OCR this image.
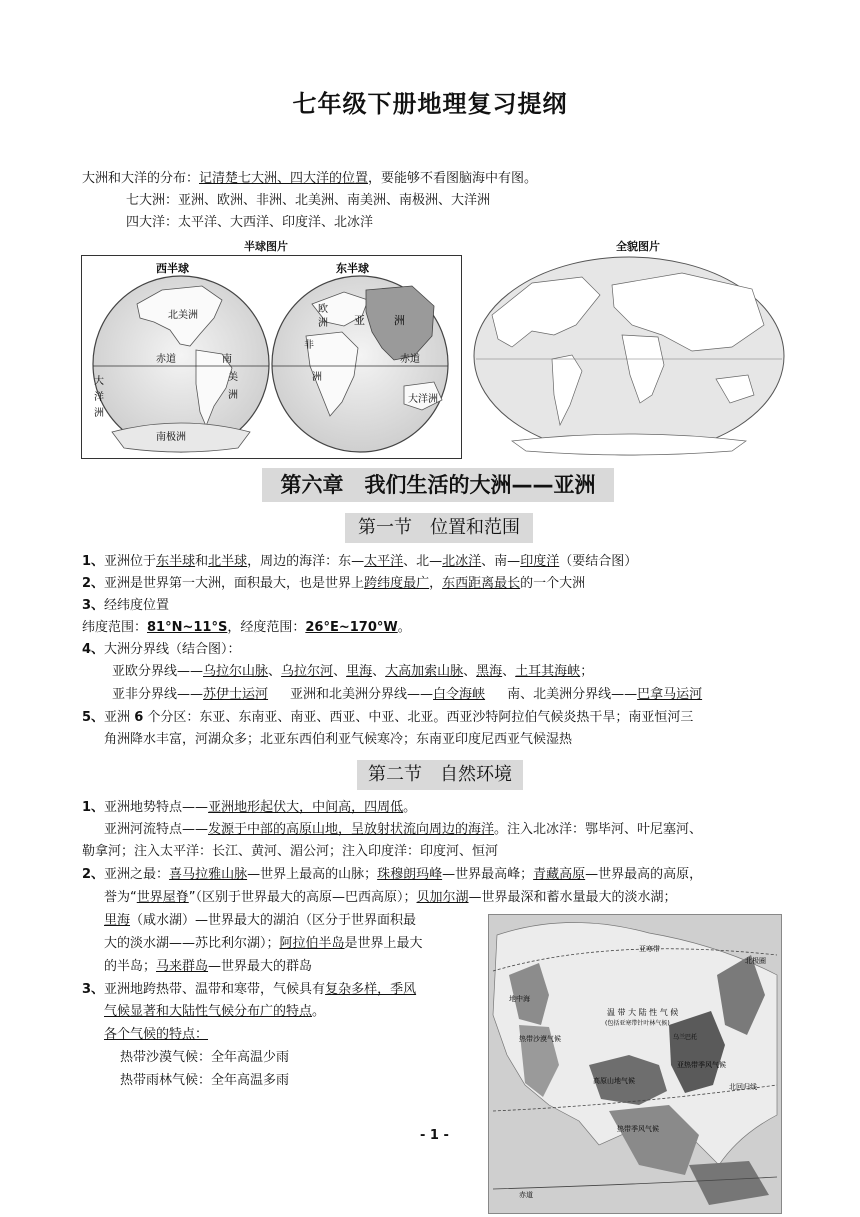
七年级下册地理复习提纲
大洲和大洋的分布：记清楚七大洲、四大洋的位置，要能够不看图脑海中有图。
七大洲：亚洲、欧洲、非洲、北美洲、南美洲、南极洲、大洋洲
四大洋：太平洋、大西洋、印度洋、北冰洋
半球图片	全貌图片
西半球	东半球
北美洲
赤道	南
美
洲
大
洋
洲
南极洲
欧
洲 亚	洲
非
洲
赤道
大洋洲
第六章　我们生活的大洲——亚洲
第一节　位置和范围
1、亚洲位于东半球和北半球，周边的海洋：东—太平洋、北—北冰洋、南—印度洋（要结合图）
2、亚洲是世界第一大洲，面积最大，也是世界上跨纬度最广，东西距离最长的一个大洲
3、经纬度位置
纬度范围：81°N~11°S，经度范围：26°E~170°W。
4、大洲分界线（结合图）：
亚欧分界线——乌拉尔山脉、乌拉尔河、里海、大高加索山脉、黑海、土耳其海峡；
亚非分界线——苏伊士运河 亚洲和北美洲分界线——白令海峡 南、北美洲分界线——巴拿马运河
5、亚洲 6 个分区：东亚、东南亚、南亚、西亚、中亚、北亚。西亚沙特阿拉伯气候炎热干旱；南亚恒河三
角洲降水丰富，河湖众多；北亚东西伯利亚气候寒冷；东南亚印度尼西亚气候湿热
第二节　自然环境
1、亚洲地势特点——亚洲地形起伏大，中间高，四周低。
亚洲河流特点——发源于中部的高原山地，呈放射状流向周边的海洋。注入北冰洋：鄂毕河、叶尼塞河、
勒拿河；注入太平洋：长江、黄河、湄公河；注入印度洋：印度河、恒河
2、亚洲之最：喜马拉雅山脉—世界上最高的山脉；珠穆朗玛峰—世界最高峰；青藏高原—世界最高的高原，
誉为“世界屋脊”（区别于世界最大的高原—巴西高原）；贝加尔湖—世界最深和蓄水量最大的淡水湖；
里海（咸水湖）—世界最大的湖泊（区分于世界面积最
大的淡水湖——苏比利尔湖）；阿拉伯半岛是世界上最大
的半岛；马来群岛—世界最大的群岛
3、亚洲地跨热带、温带和寒带，气候具有复杂多样，季风
气候显著和大陆性气候分布广的特点。
各个气候的特点：
热带沙漠气候：全年高温少雨
热带雨林气候：全年高温多雨
温 带 大 陆 性 气 候
(包括亚寒带针叶林气候)
乌兰巴托
亚寒带
地中海
热带沙漠气候
北极圈
北回归线
高原山地气候
热带季风气候
亚热带季风气候
赤道
- 1 -
